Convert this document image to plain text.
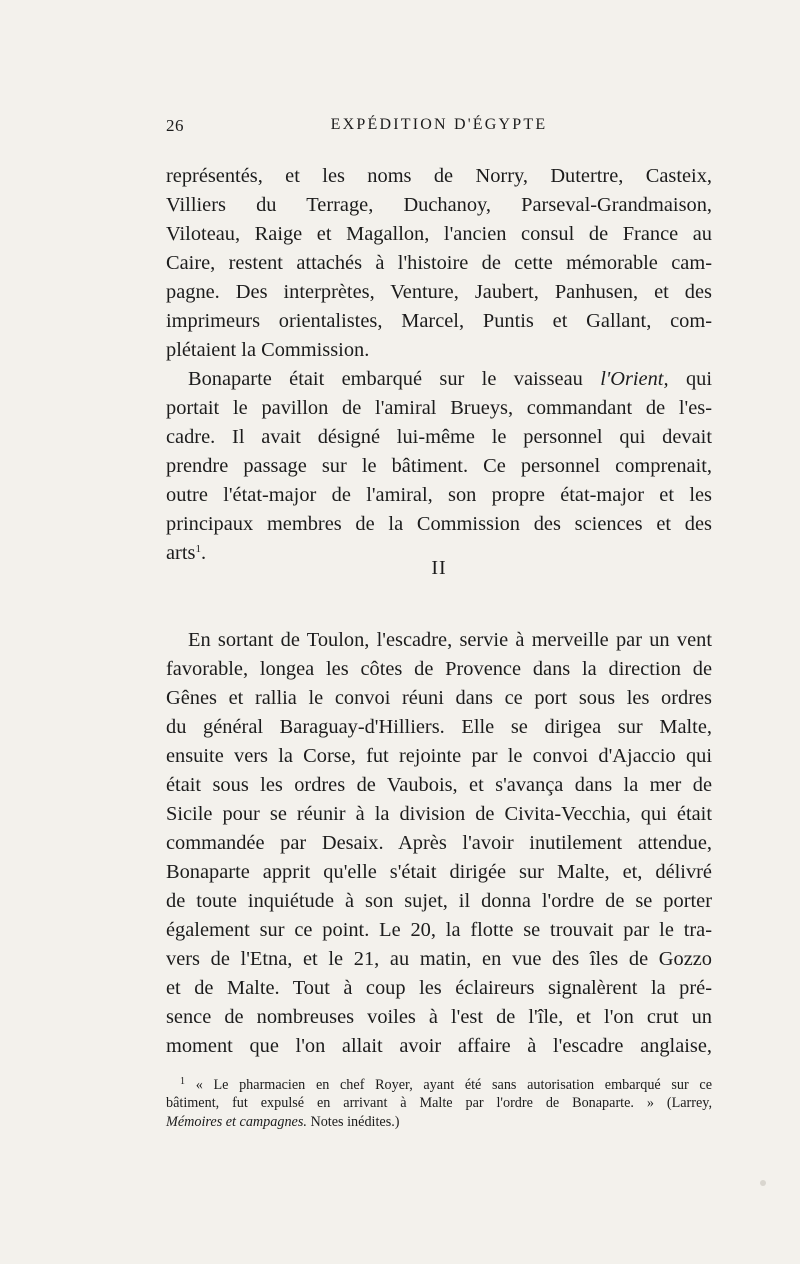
26	EXPÉDITION D'ÉGYPTE
représentés, et les noms de Norry, Dutertre, Casteix,
Villiers du Terrage, Duchanoy, Parseval-Grandmaison,
Viloteau, Raige et Magallon, l'ancien consul de France au
Caire, restent attachés à l'histoire de cette mémorable cam-
pagne. Des interprètes, Venture, Jaubert, Panhusen, et des
imprimeurs orientalistes, Marcel, Puntis et Gallant, com-
plétaient la Commission.
Bonaparte était embarqué sur le vaisseau l'Orient, qui
portait le pavillon de l'amiral Brueys, commandant de l'es-
cadre. Il avait désigné lui-même le personnel qui devait
prendre passage sur le bâtiment. Ce personnel comprenait,
outre l'état-major de l'amiral, son propre état-major et les
principaux membres de la Commission des sciences et des
arts$^1$.
II
En sortant de Toulon, l'escadre, servie à merveille par un vent
favorable, longea les côtes de Provence dans la direction de
Gênes et rallia le convoi réuni dans ce port sous les ordres
du général Baraguay-d'Hilliers. Elle se dirigea sur Malte,
ensuite vers la Corse, fut rejointe par le convoi d'Ajaccio qui
était sous les ordres de Vaubois, et s'avança dans la mer de
Sicile pour se réunir à la division de Civita-Vecchia, qui était
commandée par Desaix. Après l'avoir inutilement attendue,
Bonaparte apprit qu'elle s'était dirigée sur Malte, et, délivré
de toute inquiétude à son sujet, il donna l'ordre de se porter
également sur ce point. Le 20, la flotte se trouvait par le tra-
vers de l'Etna, et le 21, au matin, en vue des îles de Gozzo
et de Malte. Tout à coup les éclaireurs signalèrent la pré-
sence de nombreuses voiles à l'est de l'île, et l'on crut un
moment que l'on allait avoir affaire à l'escadre anglaise,
$^1$ « Le pharmacien en chef Royer, ayant été sans autorisation embarqué sur ce
bâtiment, fut expulsé en arrivant à Malte par l'ordre de Bonaparte. » (Larrey,
Mémoires et campagnes. Notes inédites.)
